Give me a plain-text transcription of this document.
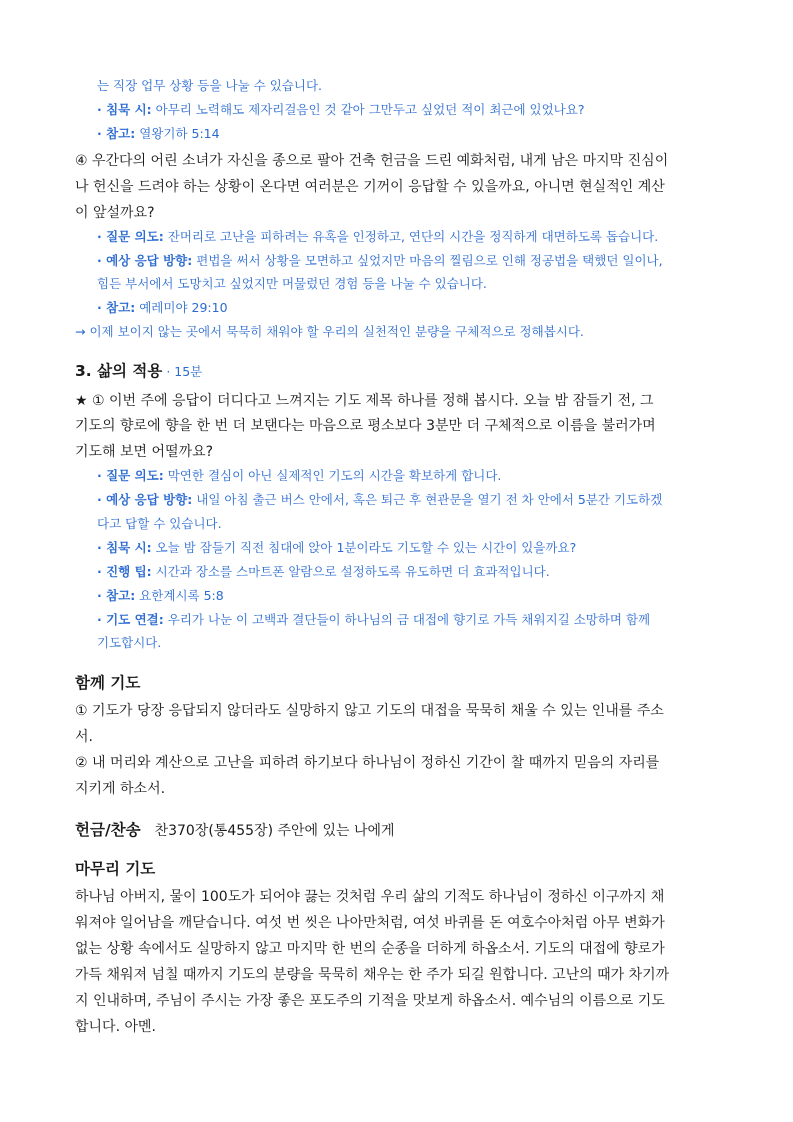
는 직장 업무 상황 등을 나눌 수 있습니다.
· 침묵 시: 아무리 노력해도 제자리걸음인 것 같아 그만두고 싶었던 적이 최근에 있었나요?
· 참고: 열왕기하 5:14
④ 우간다의 어린 소녀가 자신을 종으로 팔아 건축 헌금을 드린 예화처럼, 내게 남은 마지막 진심이
나 헌신을 드려야 하는 상황이 온다면 여러분은 기꺼이 응답할 수 있을까요, 아니면 현실적인 계산
이 앞설까요?
· 질문 의도: 잔머리로 고난을 피하려는 유혹을 인정하고, 연단의 시간을 정직하게 대면하도록 돕습니다.
· 예상 응답 방향: 편법을 써서 상황을 모면하고 싶었지만 마음의 찔림으로 인해 정공법을 택했던 일이나,
힘든 부서에서 도망치고 싶었지만 머물렀던 경험 등을 나눌 수 있습니다.
· 참고: 예레미야 29:10
→ 이제 보이지 않는 곳에서 묵묵히 채워야 할 우리의 실천적인 분량을 구체적으로 정해봅시다.
3. 삶의 적용 · 15분
★ ① 이번 주에 응답이 더디다고 느껴지는 기도 제목 하나를 정해 봅시다. 오늘 밤 잠들기 전, 그
기도의 향로에 향을 한 번 더 보탠다는 마음으로 평소보다 3분만 더 구체적으로 이름을 불러가며
기도해 보면 어떨까요?
· 질문 의도: 막연한 결심이 아닌 실제적인 기도의 시간을 확보하게 합니다.
· 예상 응답 방향: 내일 아침 출근 버스 안에서, 혹은 퇴근 후 현관문을 열기 전 차 안에서 5분간 기도하겠
다고 답할 수 있습니다.
· 침묵 시: 오늘 밤 잠들기 직전 침대에 앉아 1분이라도 기도할 수 있는 시간이 있을까요?
· 진행 팁: 시간과 장소를 스마트폰 알람으로 설정하도록 유도하면 더 효과적입니다.
· 참고: 요한계시록 5:8
· 기도 연결: 우리가 나눈 이 고백과 결단들이 하나님의 금 대접에 향기로 가득 채워지길 소망하며 함께
기도합시다.
함께 기도
① 기도가 당장 응답되지 않더라도 실망하지 않고 기도의 대접을 묵묵히 채울 수 있는 인내를 주소
서.
② 내 머리와 계산으로 고난을 피하려 하기보다 하나님이 정하신 기간이 찰 때까지 믿음의 자리를
지키게 하소서.
헌금/찬송 찬370장(통455장) 주안에 있는 나에게
마무리 기도
하나님 아버지, 물이 100도가 되어야 끓는 것처럼 우리 삶의 기적도 하나님이 정하신 이구까지 채
워져야 일어남을 깨닫습니다. 여섯 번 씻은 나아만처럼, 여섯 바퀴를 돈 여호수아처럼 아무 변화가
없는 상황 속에서도 실망하지 않고 마지막 한 번의 순종을 더하게 하옵소서. 기도의 대접에 향로가
가득 채워져 넘칠 때까지 기도의 분량을 묵묵히 채우는 한 주가 되길 원합니다. 고난의 때가 차기까
지 인내하며, 주님이 주시는 가장 좋은 포도주의 기적을 맛보게 하옵소서. 예수님의 이름으로 기도
합니다. 아멘.
